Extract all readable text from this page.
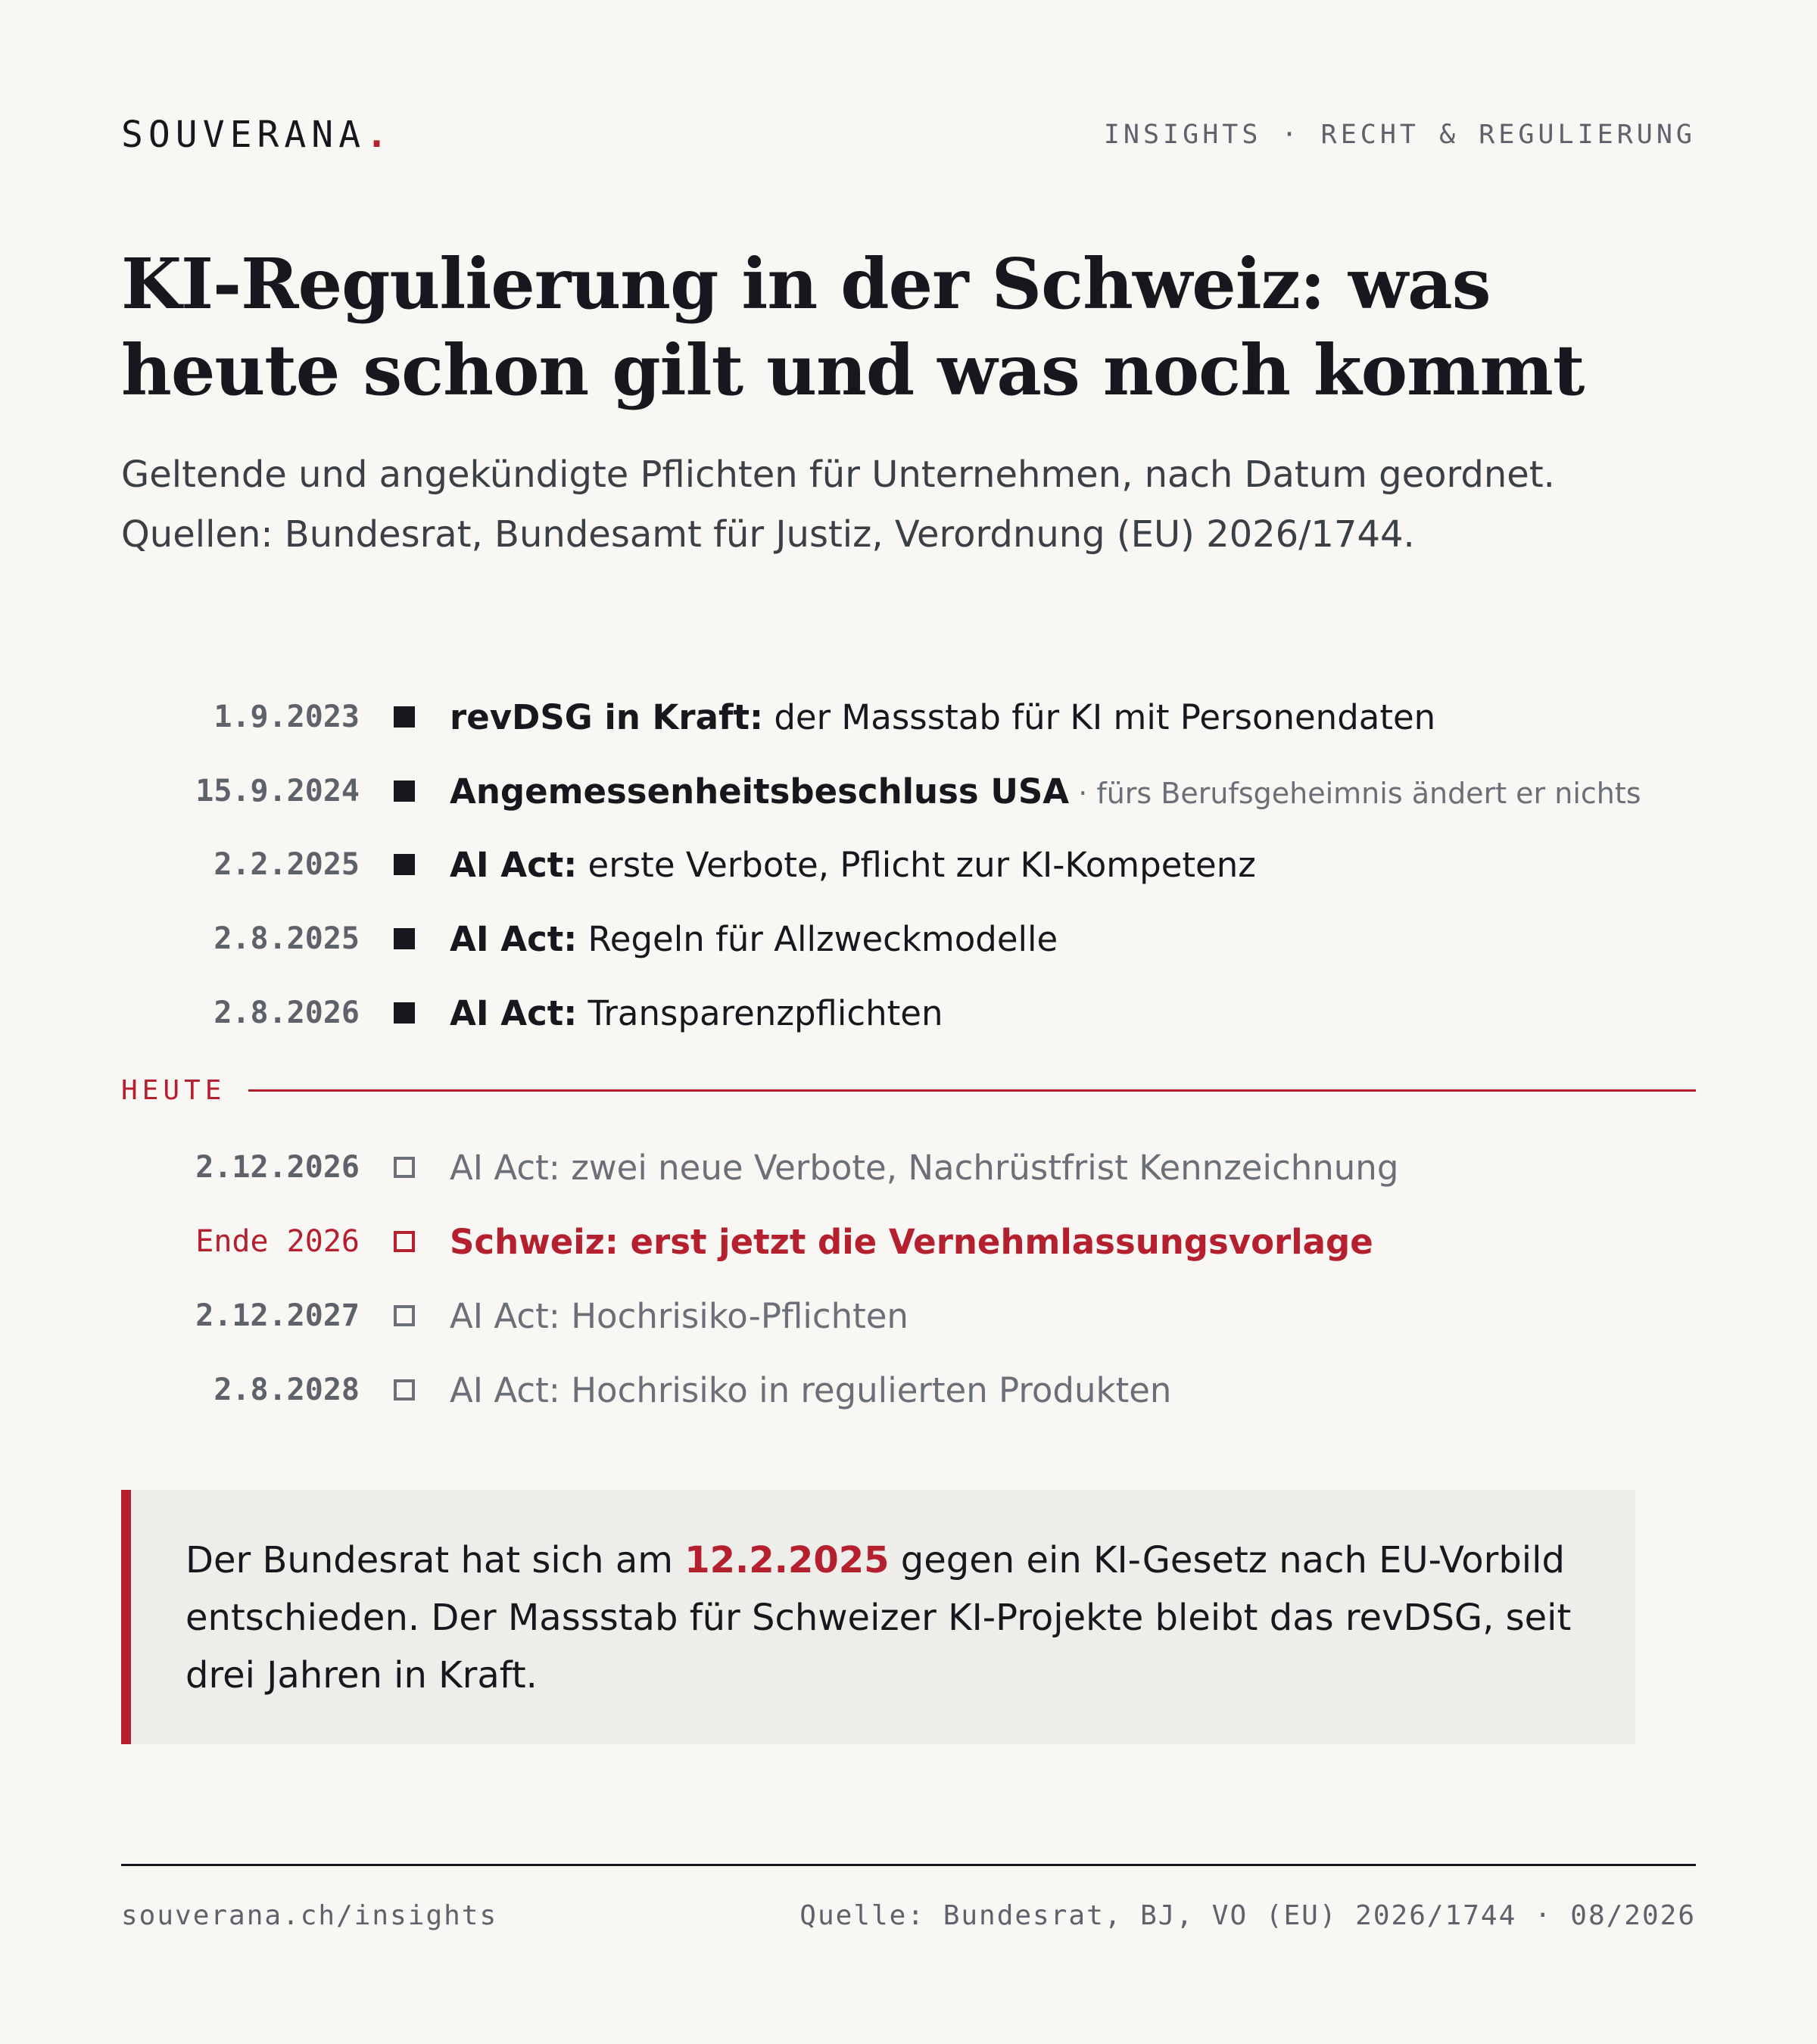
SOUVERANA.	INSIGHTS · RECHT & REGULIERUNG
KI-Regulierung in der Schweiz: was heute schon gilt und was noch kommt

Geltende und angekündigte Pflichten für Unternehmen, nach Datum geordnet.
Quellen: Bundesrat, Bundesamt für Justiz, Verordnung (EU) 2026/1744.

1.9.2023	revDSG in Kraft: der Massstab für KI mit Personendaten
15.9.2024	Angemessenheitsbeschluss USA · fürs Berufsgeheimnis ändert er nichts
2.2.2025	AI Act: erste Verbote, Pflicht zur KI-Kompetenz
2.8.2025	AI Act: Regeln für Allzweckmodelle
2.8.2026	AI Act: Transparenzpflichten
HEUTE
2.12.2026	AI Act: zwei neue Verbote, Nachrüstfrist Kennzeichnung
Ende 2026	Schweiz: erst jetzt die Vernehmlassungsvorlage
2.12.2027	AI Act: Hochrisiko-Pflichten
2.8.2028	AI Act: Hochrisiko in regulierten Produkten

Der Bundesrat hat sich am 12.2.2025 gegen ein KI-Gesetz nach EU-Vorbild entschieden. Der Massstab für Schweizer KI-Projekte bleibt das revDSG, seit drei Jahren in Kraft.

souverana.ch/insights	Quelle: Bundesrat, BJ, VO (EU) 2026/1744 · 08/2026
